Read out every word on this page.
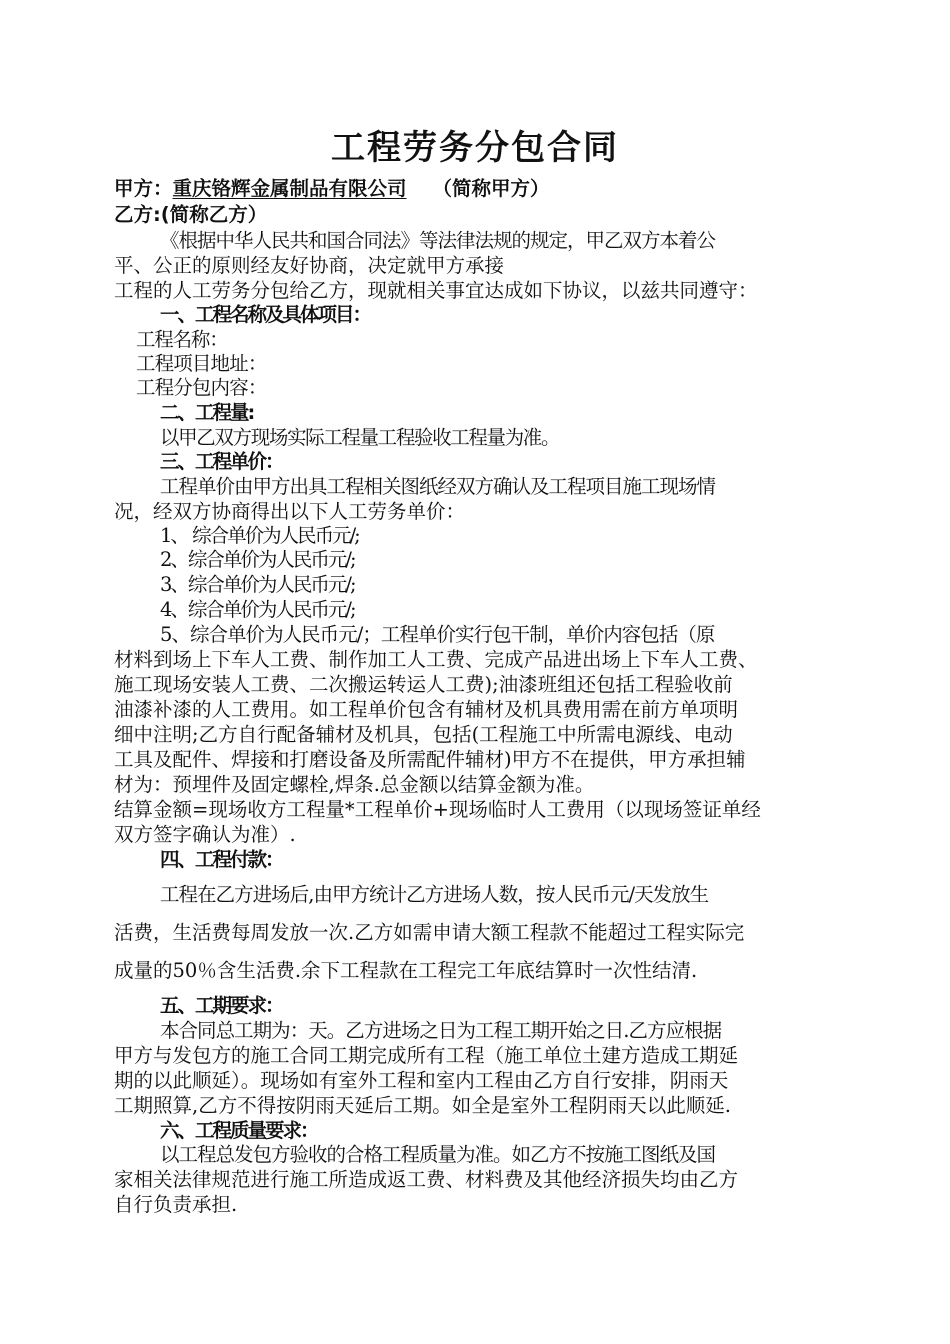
工程劳务分包合同
甲方：重庆铬辉金属制品有限公司 （简称甲方）
乙方:(简称乙方）
《根据中华人民共和国合同法》等法律法规的规定，甲乙双方本着公
平、公正的原则经友好协商，决定就甲方承接
工程的人工劳务分包给乙方，现就相关事宜达成如下协议，以兹共同遵守：
一、工程名称及具体项目：
工程名称：
工程项目地址：
工程分包内容：
二、工程量:
以甲乙双方现场实际工程量工程验收工程量为准。
三、工程单价：
工程单价由甲方出具工程相关图纸经双方确认及工程项目施工现场情
况，经双方协商得出以下人工劳务单价：
1、 综合单价为人民币元/;
2、综合单价为人民币元/;
3、综合单价为人民币元/;
4、综合单价为人民币元/;
5、综合单价为人民币元/；工程单价实行包干制，单价内容包括（原
材料到场上下车人工费、制作加工人工费、完成产品进出场上下车人工费、
施工现场安装人工费、二次搬运转运人工费);油漆班组还包括工程验收前
油漆补漆的人工费用。如工程单价包含有辅材及机具费用需在前方单项明
细中注明;乙方自行配备辅材及机具，包括(工程施工中所需电源线、电动
工具及配件、焊接和打磨设备及所需配件辅材)甲方不在提供，甲方承担辅
材为：预埋件及固定螺栓,焊条.总金额以结算金额为准。
结算金额=现场收方工程量*工程单价+现场临时人工费用（以现场签证单经
双方签字确认为准）.
四、工程付款：
工程在乙方进场后,由甲方统计乙方进场人数，按人民币元/天发放生
活费，生活费每周发放一次.乙方如需申请大额工程款不能超过工程实际完
成量的50％含生活费.余下工程款在工程完工年底结算时一次性结清.
五、工期要求：
本合同总工期为：天。乙方进场之日为工程工期开始之日.乙方应根据
甲方与发包方的施工合同工期完成所有工程（施工单位土建方造成工期延
期的以此顺延）。现场如有室外工程和室内工程由乙方自行安排，阴雨天
工期照算,乙方不得按阴雨天延后工期。如全是室外工程阴雨天以此顺延.
六、工程质量要求：
以工程总发包方验收的合格工程质量为准。如乙方不按施工图纸及国
家相关法律规范进行施工所造成返工费、材料费及其他经济损失均由乙方
自行负责承担.
